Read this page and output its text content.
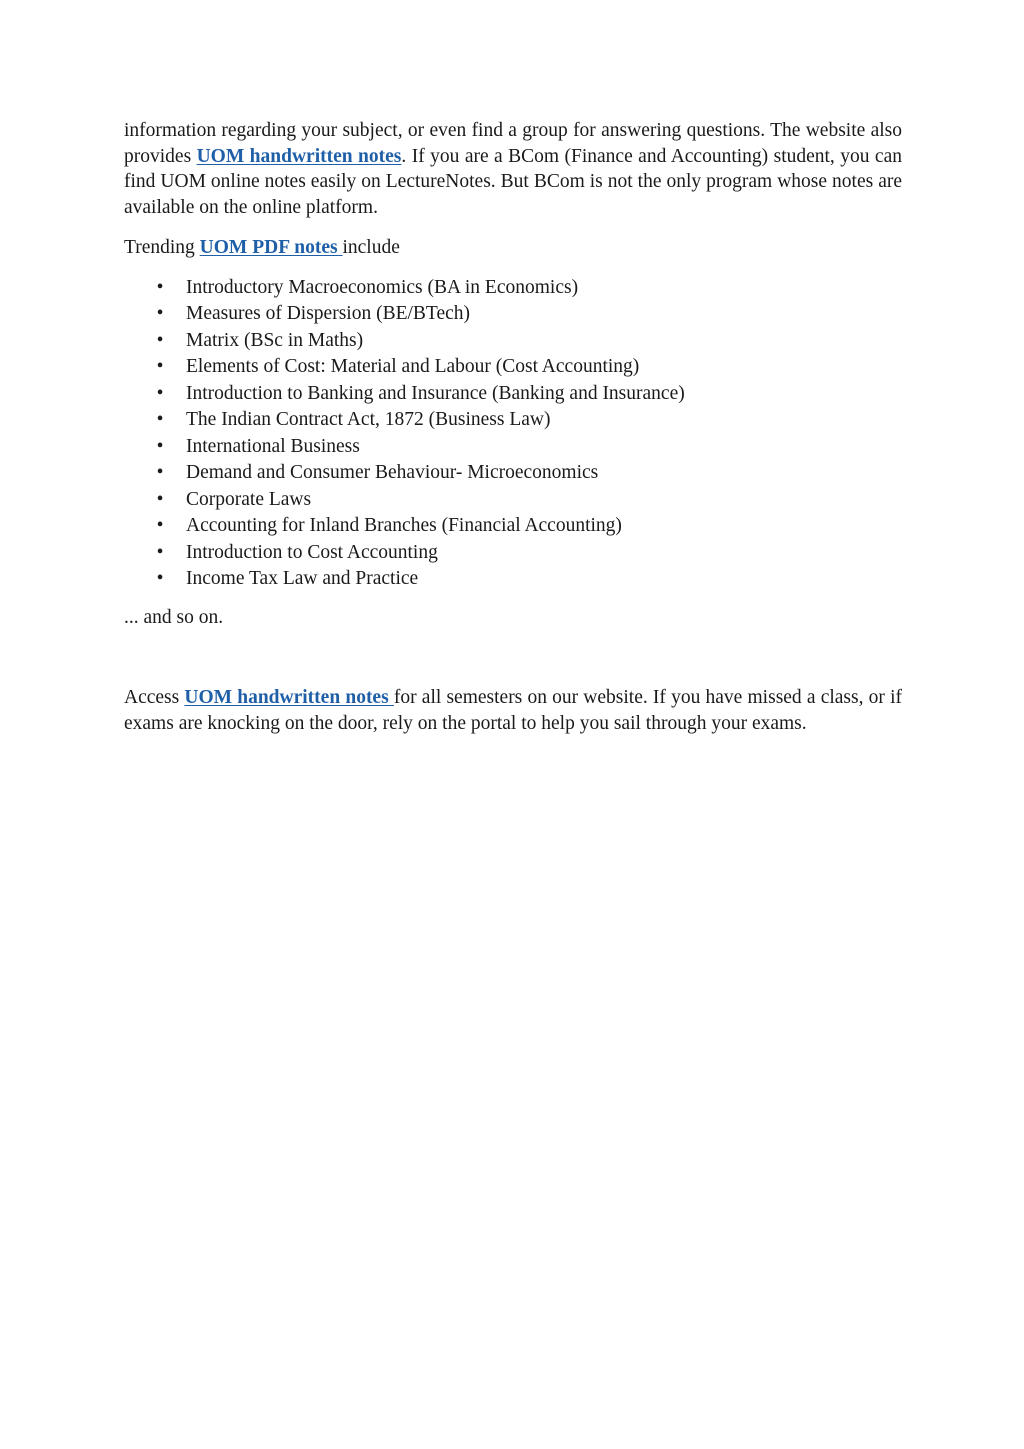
information regarding your subject, or even find a group for answering questions. The website also provides UOM handwritten notes. If you are a BCom (Finance and Accounting) student, you can find UOM online notes easily on LectureNotes. But BCom is not the only program whose notes are available on the online platform.

Trending UOM PDF notes include

• Introductory Macroeconomics (BA in Economics)
• Measures of Dispersion (BE/BTech)
• Matrix (BSc in Maths)
• Elements of Cost: Material and Labour (Cost Accounting)
• Introduction to Banking and Insurance (Banking and Insurance)
• The Indian Contract Act, 1872 (Business Law)
• International Business
• Demand and Consumer Behaviour- Microeconomics
• Corporate Laws
• Accounting for Inland Branches (Financial Accounting)
• Introduction to Cost Accounting
• Income Tax Law and Practice

... and so on.

Access UOM handwritten notes for all semesters on our website. If you have missed a class, or if exams are knocking on the door, rely on the portal to help you sail through your exams.
